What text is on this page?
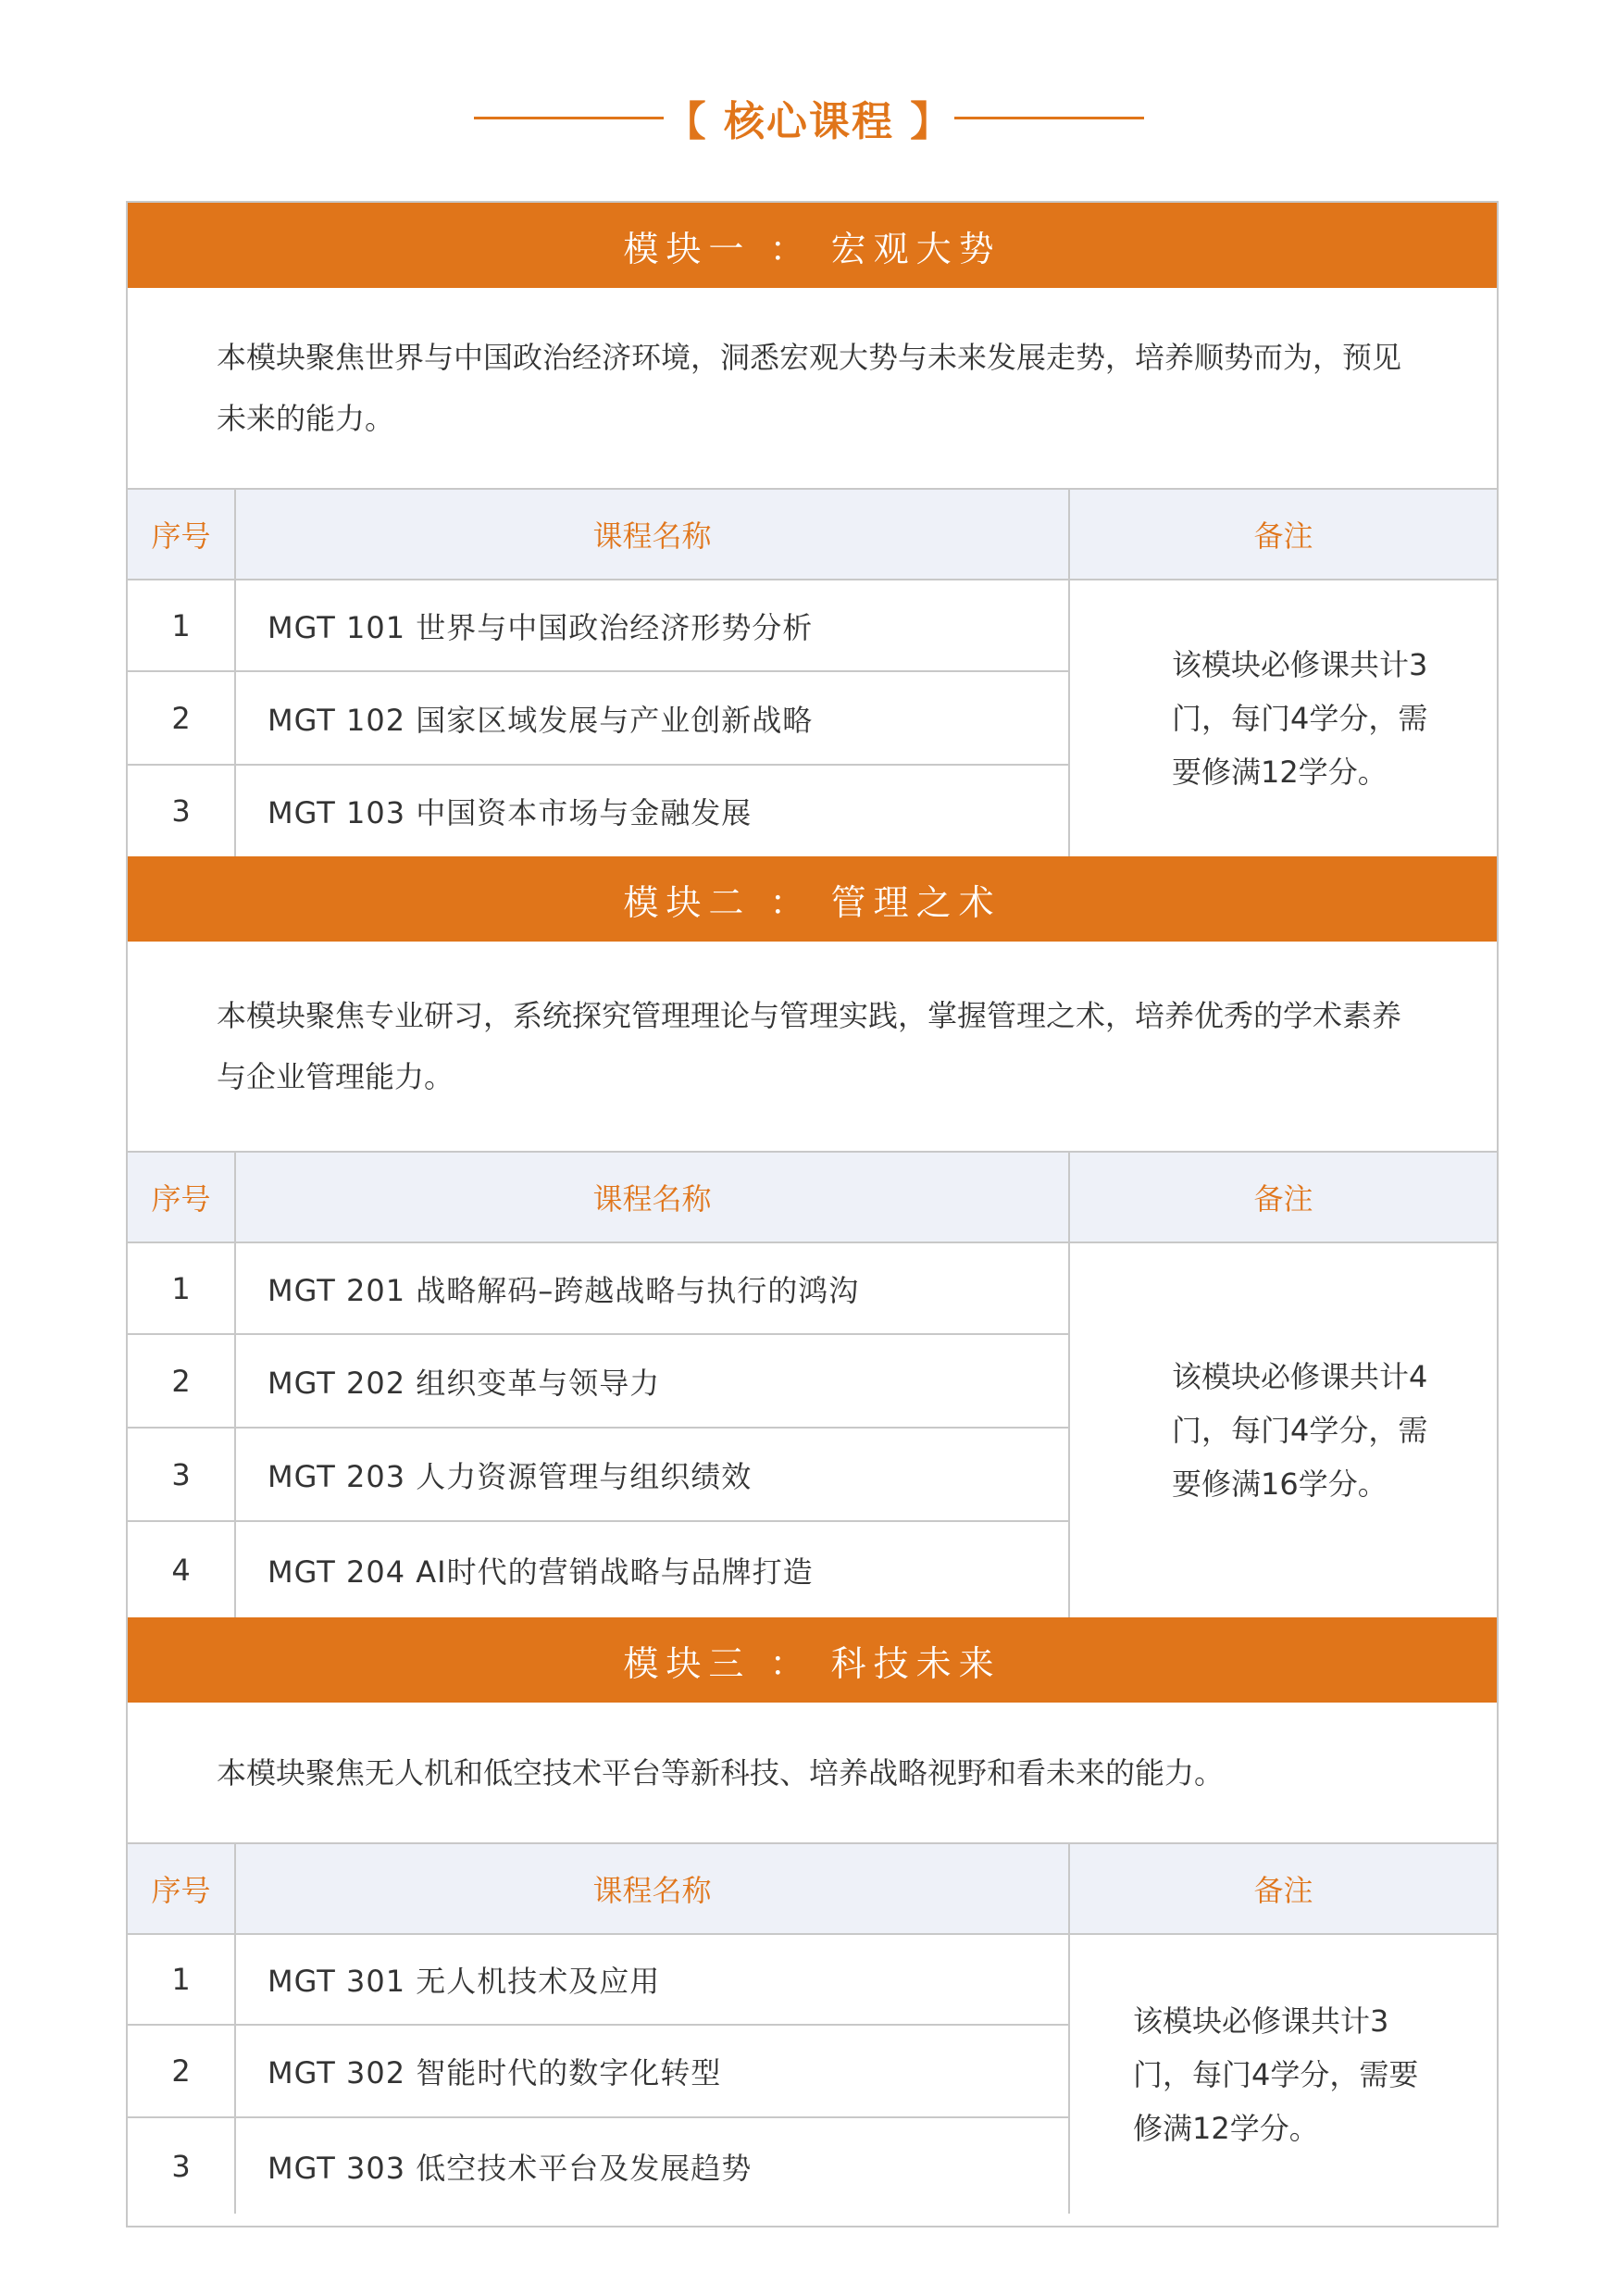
【 核心课程 】
模块一 ： 宏观大势
本模块聚焦世界与中国政治经济环境，洞悉宏观大势与未来发展走势，培养顺势而为，预见未来的能力。
序号	课程名称	备注
1	MGT 101 世界与中国政治经济形势分析	该模块必修课共计3门，每门4学分，需要修满12学分。
2	MGT 102 国家区域发展与产业创新战略	
3	MGT 103 中国资本市场与金融发展	
模块二 ： 管理之术
本模块聚焦专业研习，系统探究管理理论与管理实践，掌握管理之术，培养优秀的学术素养与企业管理能力。
序号	课程名称	备注
1	MGT 201 战略解码–跨越战略与执行的鸿沟	该模块必修课共计4门，每门4学分，需要修满16学分。
2	MGT 202 组织变革与领导力	
3	MGT 203 人力资源管理与组织绩效	
4	MGT 204 AI时代的营销战略与品牌打造	
模块三 ： 科技未来
本模块聚焦无人机和低空技术平台等新科技、培养战略视野和看未来的能力。
序号	课程名称	备注
1	MGT 301 无人机技术及应用	该模块必修课共计3门，每门4学分，需要修满12学分。
2	MGT 302 智能时代的数字化转型	
3	MGT 303 低空技术平台及发展趋势	
